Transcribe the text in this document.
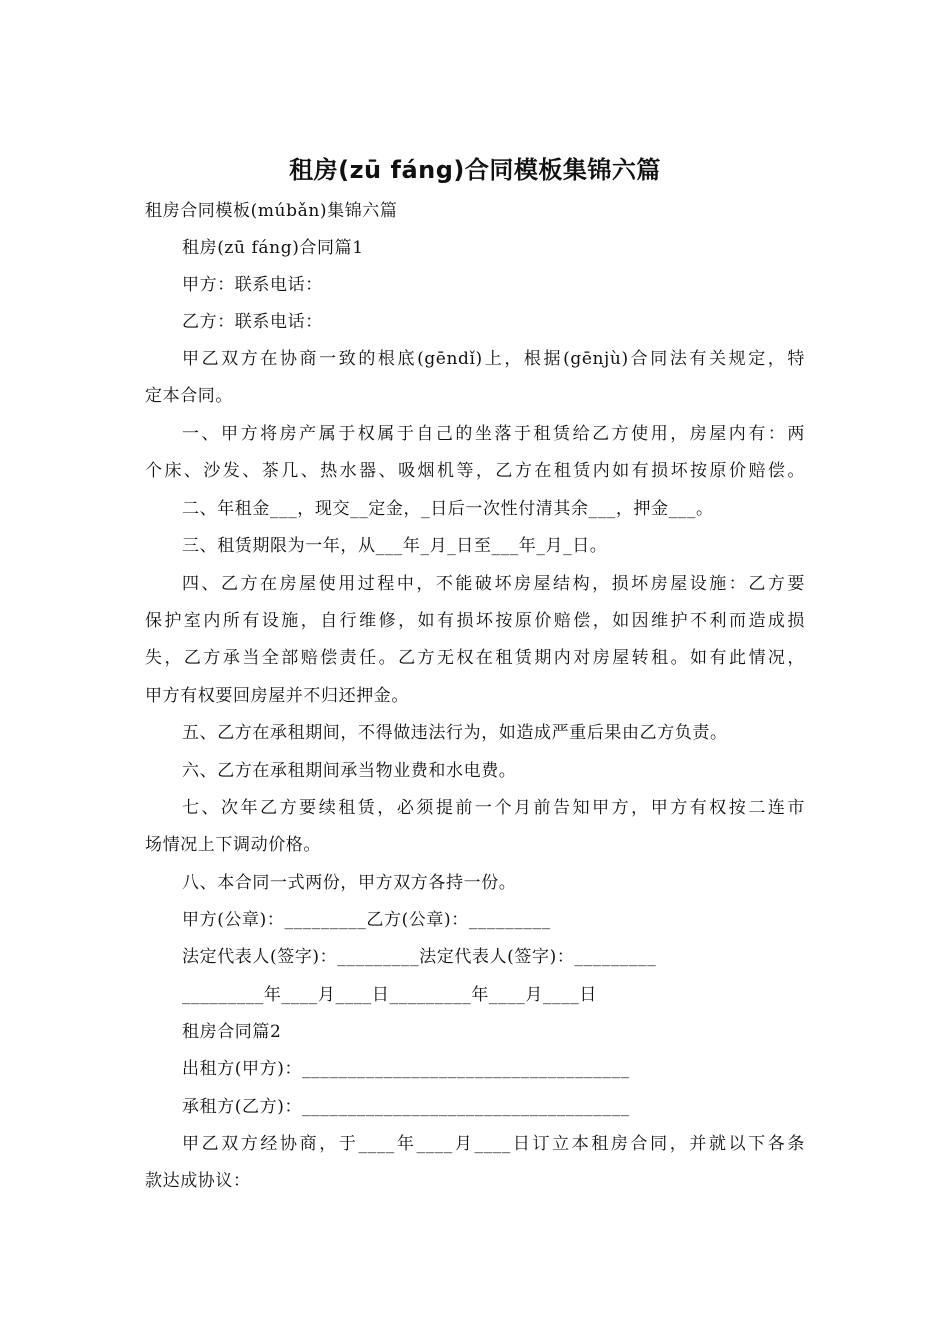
租房(zū fáng)合同模板集锦六篇
租房合同模板(múbǎn)集锦六篇
租房(zū fáng)合同篇1
甲方：联系电话：
乙方：联系电话：
甲乙双方在协商一致的根底(gēndǐ)上，根据(gēnjù)合同法有关规定，特
定本合同。
一、甲方将房产属于权属于自己的坐落于租赁给乙方使用，房屋内有：两
个床、沙发、茶几、热水器、吸烟机等，乙方在租赁内如有损坏按原价赔偿。
二、年租金___，现交__定金，_日后一次性付清其余___，押金___。
三、租赁期限为一年，从___年_月_日至___年_月_日。
四、乙方在房屋使用过程中，不能破坏房屋结构，损坏房屋设施：乙方要
保护室内所有设施，自行维修，如有损坏按原价赔偿，如因维护不利而造成损
失，乙方承当全部赔偿责任。乙方无权在租赁期内对房屋转租。如有此情况，
甲方有权要回房屋并不归还押金。
五、乙方在承租期间，不得做违法行为，如造成严重后果由乙方负责。
六、乙方在承租期间承当物业费和水电费。
七、次年乙方要续租赁，必须提前一个月前告知甲方，甲方有权按二连市
场情况上下调动价格。
八、本合同一式两份，甲方双方各持一份。
甲方(公章)：_________乙方(公章)：_________
法定代表人(签字)：_________法定代表人(签字)：_________
_________年____月____日_________年____月____日
租房合同篇2
出租方(甲方)：____________________________________
承租方(乙方)：____________________________________
甲乙双方经协商，于____年____月____日订立本租房合同，并就以下各条
款达成协议：
